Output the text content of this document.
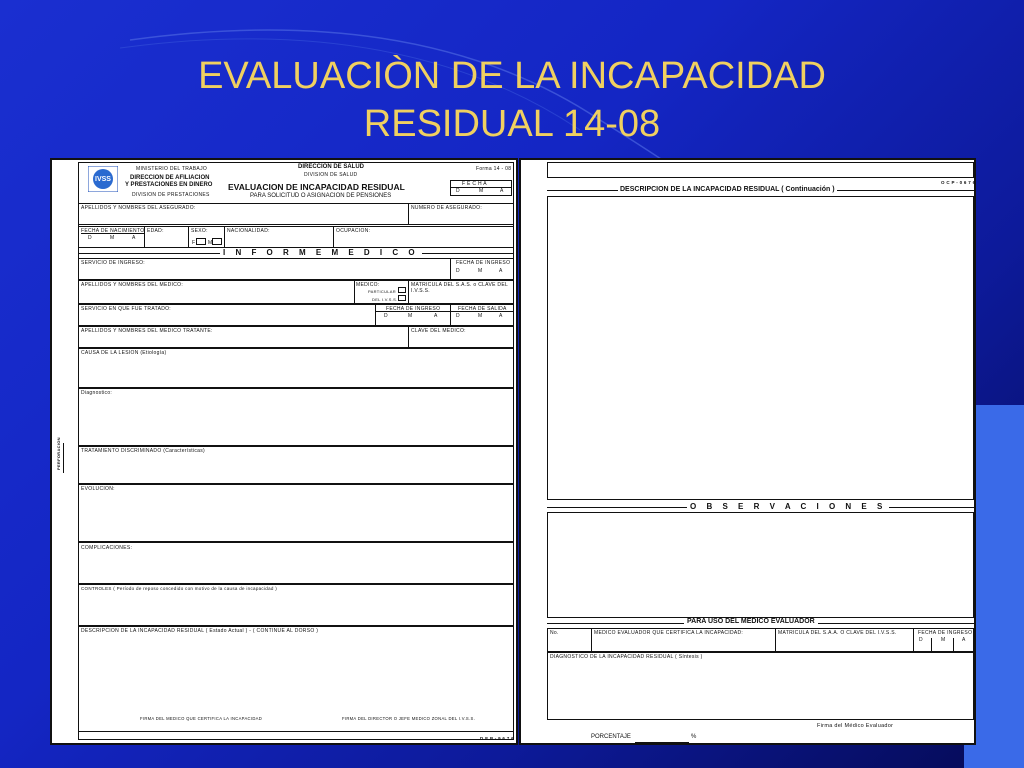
EVALUACIÒN DE LA INCAPACIDAD
RESIDUAL 14-08
PERFORACION
IVSS
MINISTERIO DEL TRABAJO
DIRECCION DE AFILIACION
Y PRESTACIONES EN DINERO
DIVISION DE PRESTACIONES
DIRECCION DE SALUD
DIVISION DE SALUD
Forma 14 - 08
F E C H A
D	M	A
EVALUACION DE INCAPACIDAD RESIDUAL
PARA SOLICITUD O ASIGNACION DE PENSIONES
APELLIDOS Y NOMBRES DEL ASEGURADO:	NUMERO DE ASEGURADO:
FECHA DE NACIMIENTO
D	M	A
EDAD:	SEXO:
F	M
NACIONALIDAD:	OCUPACION:
I N F O R M E M E D I C O
SERVICIO DE INGRESO:	FECHA DE INGRESO
D	M	A
APELLIDOS Y NOMBRES DEL MEDICO:	MEDICO:
PARTICULAR
DEL I.V.S.S.
MATRICULA DEL S.A.S. o CLAVE DEL I.V.S.S.
SERVICIO EN QUE FUE TRATADO:	FECHA DE INGRESO	FECHA DE SALIDA
D	M	A	D	M	A
APELLIDOS Y NOMBRES DEL MEDICO TRATANTE:	CLAVE DEL MEDICO:
CAUSA DE LA LESION (Etiología)
Diagnostico:
TRATAMIENTO DISCRIMINADO (Características)
EVOLUCION:
COMPLICACIONES:
CONTROLES ( Período de reposo concedido con motivo de la causa de incapacidad )
DESCRIPCION DE LA INCAPACIDAD RESIDUAL ( Estado Actual ) - ( CONTINUE AL DORSO )
FIRMA DEL MEDICO QUE CERTIFICA LA INCAPACIDAD	FIRMA DEL DIRECTOR O JEFE MEDICO ZONAL DEL I.V.S.S.
D E P - 9 6 7 6
O C P - 0 6 7 6
DESCRIPCION DE LA INCAPACIDAD RESIDUAL ( Continuación )
O B S E R V A C I O N E S
PARA USO DEL MEDICO EVALUADOR
No.	MEDICO EVALUADOR QUE CERTIFICA LA INCAPACIDAD:	MATRICULA DEL S.A.A. O CLAVE DEL I.V.S.S.	FECHA DE INGRESO
D	M	A
DIAGNOSTICO DE LA INCAPACIDAD RESIDUAL ( Síntesis )
Firma del Médico Evaluador
PORCENTAJE	%
